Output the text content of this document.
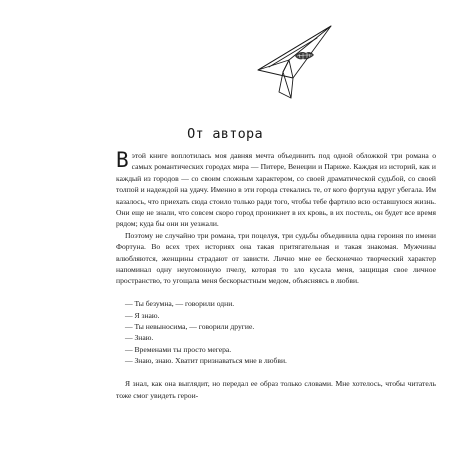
От автора

В этой книге воплотилась моя давняя мечта объединить под одной обложкой три романа о самых романтических городах мира — Питере, Венеции и Париже. Каждая из историй, как и каждый из городов — со своим сложным характером, со своей драматической судьбой, со своей толпой и надеждой на удачу. Именно в эти города стекались те, от кого фортуна вдруг убегала. Им казалось, что приехать сюда стоило только ради того, чтобы тебе фартило всю оставшуюся жизнь. Они еще не знали, что совсем скоро город проникнет в их кровь, в их постель, он будет все время рядом; куда бы они ни уезжали.

Поэтому не случайно три романа, три поцелуя, три судьбы объединила одна героиня по имени Фортуна. Во всех трех историях она такая притягательная и такая знакомая. Мужчины влюбляются, женщины страдают от зависти. Лично мне ее бесконечно творческий характер напоминал одну неугомонную пчелу, которая то зло кусала меня, защищая свое личное пространство, то угощала меня бескорыстным медом, объясняясь в любви.

— Ты безумна, — говорили одни.

— Я знаю.

— Ты невыносима, — говорили другие.

— Знаю.

— Временами ты просто мегера.

— Знаю, знаю. Хватит признаваться мне в любви.

Я знал, как она выглядит, но передал ее образ только словами. Мне хотелось, чтобы читатель тоже смог увидеть герои-
